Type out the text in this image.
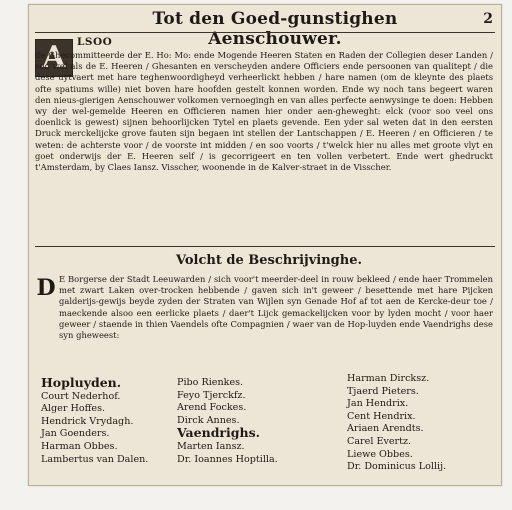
Tot den Goed-gunstighen Aenschouwer.
2
A	LSOO
de Ghecommitteerde der E. Ho: Mo: ende Mogende Heeren Staten en Raden der Collegien deser Landen / soo wel als de E. Heeren / Ghesanten en verscheyden andere Officiers ende persoonen van qualitept / die dese uytvaert met hare teghenwoordigheyd verheerlickt hebben / hare namen (om de kleynte des plaets ofte spatiums wille) niet boven hare hoofden gestelt konnen worden. Ende wy noch tans begeert waren den nieus-gierigen Aenschouwer volkomen vernoegingh en van alles perfecte aenwysinge te doen: Hebben wy der wel-gemelde Heeren en Officieren namen hier onder aen-gheweght: elck (voor soo veel ons doenlick is gewest) sijnen behoorlijcken Tytel en plaets gevende. Een yder sal weten dat in den eersten Druck merckelijcke grove fauten sijn begaen int stellen der Lantschappen / E. Heeren / en Officieren / te weten: de achterste voor / de voorste int midden / en soo voorts / t'welck hier nu alles met groote vlyt en goet onderwijs der E. Heeren self / is gecorrigeert en ten vollen verbetert. Ende wert ghedruckt t'Amsterdam, by Claes Iansz. Visscher, woonende in de Kalver-straet in de Visscher.
Volcht de Beschrijvinghe.
D E Borgerse der Stadt Leeuwarden / sich voor't meerder-deel in rouw bekleed / ende haer Trommelen met zwart Laken over-trocken hebbende / gaven sich in't geweer / besettende met hare Pijcken galderijs-gewijs beyde zyden der Straten van Wijlen syn Genade Hof af tot aen de Kercke-deur toe / maeckende alsoo een eerlicke plaets / daer't Lijck gemackelijcken voor by lyden mocht / voor haer geweer / staende in thien Vaendels ofte Compagnien / waer van de Hop-luyden ende Vaendrighs dese syn gheweest:
Hopluyden.
Court Nederhof.
Alger Hoffes.
Hendrick Vrydagh.
Jan Goenders.
Harman Obbes.
Lambertus van Dalen.
Pibo Rienkes.
Feyo Tjerckfz.
Arend Fockes.
Dirck Annes.
Vaendrighs.
Marten Iansz.
Dr. Ioannes Hoptilla.
Harman Dircksz.
Tjaerd Pieters.
Jan Hendrix.
Cent Hendrix.
Ariaen Arendts.
Carel Evertz.
Liewe Obbes.
Dr. Dominicus Lollij.
